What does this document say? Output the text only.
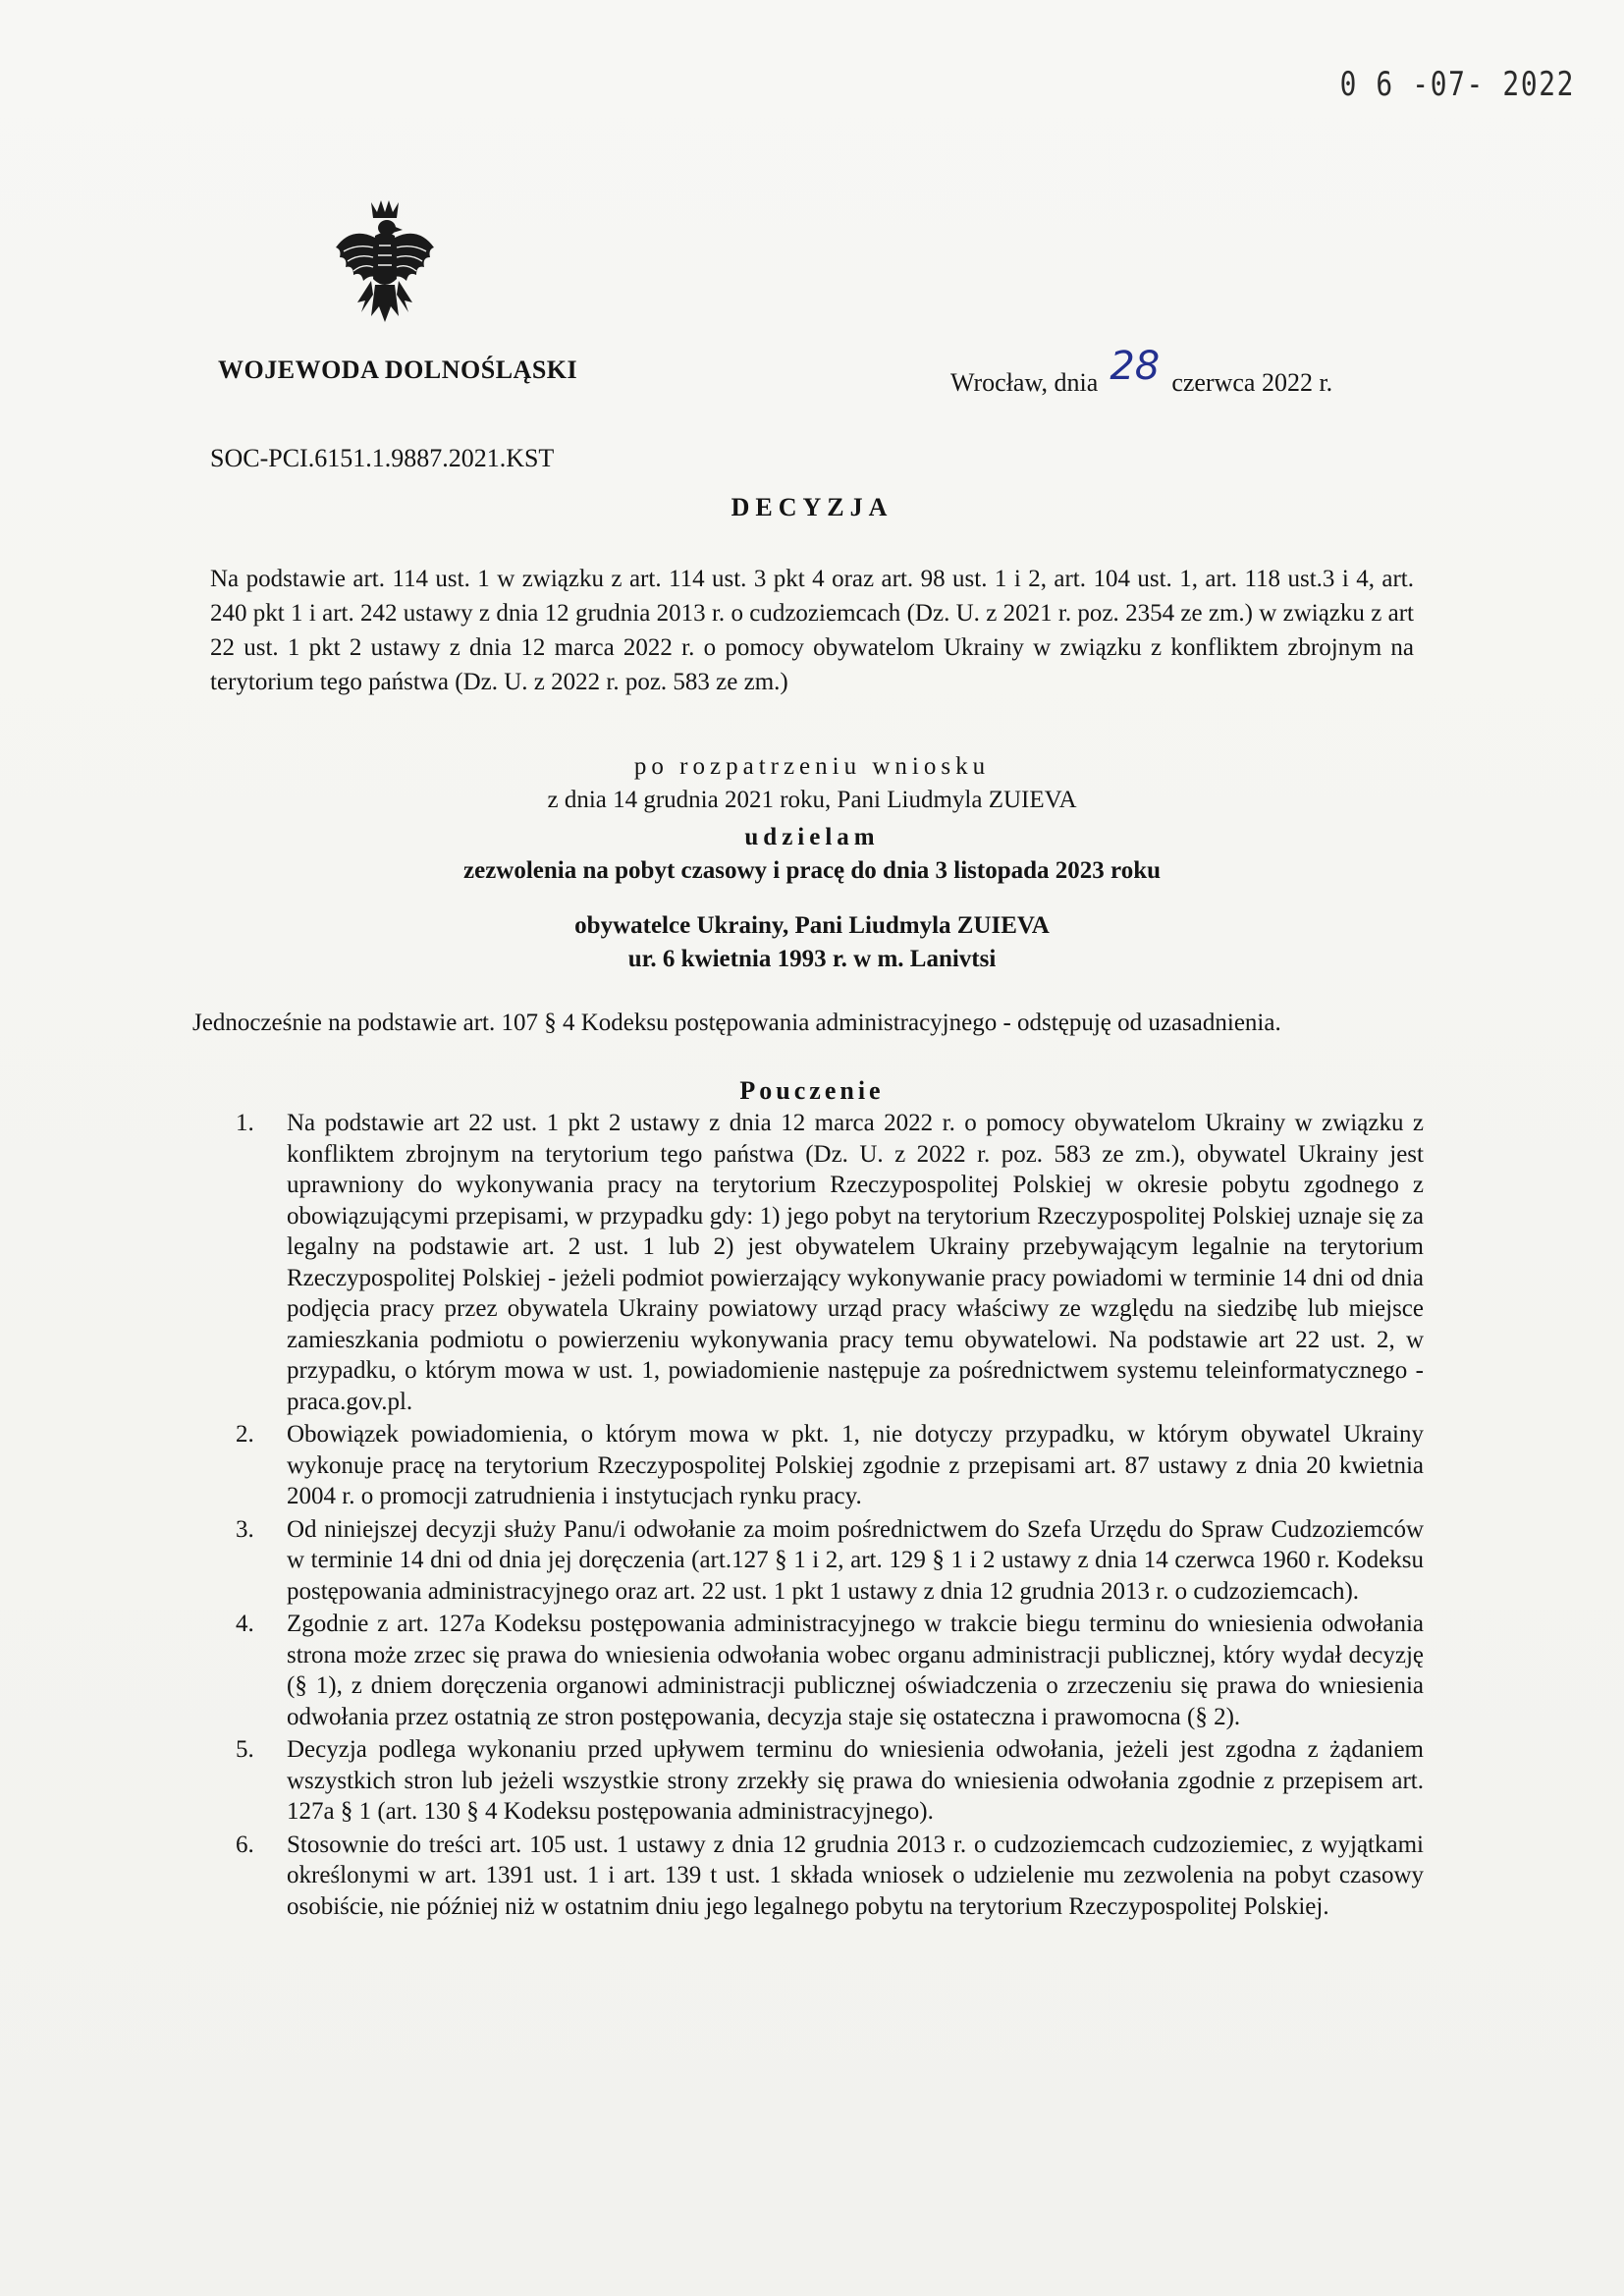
0 6 -07- 2022
WOJEWODA DOLNOŚLĄSKI	Wrocław, dnia 28 czerwca 2022 r.
SOC-PCI.6151.1.9887.2021.KST
DECYZJA
Na podstawie art. 114 ust. 1 w związku z art. 114 ust. 3 pkt 4 oraz art. 98 ust. 1 i 2, art. 104 ust. 1, art. 118 ust.3 i 4, art. 240 pkt 1 i art. 242 ustawy z dnia 12 grudnia 2013 r. o cudzoziemcach (Dz. U. z 2021 r. poz. 2354 ze zm.) w związku z art 22 ust. 1 pkt 2 ustawy z dnia 12 marca 2022 r. o pomocy obywatelom Ukrainy w związku z konfliktem zbrojnym na terytorium tego państwa (Dz. U. z 2022 r. poz. 583 ze zm.)
po rozpatrzeniu wniosku
z dnia 14 grudnia 2021 roku, Pani Liudmyla ZUIEVA
udzielam
zezwolenia na pobyt czasowy i pracę do dnia 3 listopada 2023 roku
obywatelce Ukrainy, Pani Liudmyla ZUIEVA
ur. 6 kwietnia 1993 r. w m. Lanivtsi
Jednocześnie na podstawie art. 107 § 4 Kodeksu postępowania administracyjnego - odstępuję od uzasadnienia.
Pouczenie
1. Na podstawie art 22 ust. 1 pkt 2 ustawy z dnia 12 marca 2022 r. o pomocy obywatelom Ukrainy w związku z konfliktem zbrojnym na terytorium tego państwa (Dz. U. z 2022 r. poz. 583 ze zm.), obywatel Ukrainy jest uprawniony do wykonywania pracy na terytorium Rzeczypospolitej Polskiej w okresie pobytu zgodnego z obowiązującymi przepisami, w przypadku gdy: 1) jego pobyt na terytorium Rzeczypospolitej Polskiej uznaje się za legalny na podstawie art. 2 ust. 1 lub 2) jest obywatelem Ukrainy przebywającym legalnie na terytorium Rzeczypospolitej Polskiej - jeżeli podmiot powierzający wykonywanie pracy powiadomi w terminie 14 dni od dnia podjęcia pracy przez obywatela Ukrainy powiatowy urząd pracy właściwy ze względu na siedzibę lub miejsce zamieszkania podmiotu o powierzeniu wykonywania pracy temu obywatelowi. Na podstawie art 22 ust. 2, w przypadku, o którym mowa w ust. 1, powiadomienie następuje za pośrednictwem systemu teleinformatycznego - praca.gov.pl.
2. Obowiązek powiadomienia, o którym mowa w pkt. 1, nie dotyczy przypadku, w którym obywatel Ukrainy wykonuje pracę na terytorium Rzeczypospolitej Polskiej zgodnie z przepisami art. 87 ustawy z dnia 20 kwietnia 2004 r. o promocji zatrudnienia i instytucjach rynku pracy.
3. Od niniejszej decyzji służy Panu/i odwołanie za moim pośrednictwem do Szefa Urzędu do Spraw Cudzoziemców w terminie 14 dni od dnia jej doręczenia (art.127 § 1 i 2, art. 129 § 1 i 2 ustawy z dnia 14 czerwca 1960 r. Kodeksu postępowania administracyjnego oraz art. 22 ust. 1 pkt 1 ustawy z dnia 12 grudnia 2013 r. o cudzoziemcach).
4. Zgodnie z art. 127a Kodeksu postępowania administracyjnego w trakcie biegu terminu do wniesienia odwołania strona może zrzec się prawa do wniesienia odwołania wobec organu administracji publicznej, który wydał decyzję (§ 1), z dniem doręczenia organowi administracji publicznej oświadczenia o zrzeczeniu się prawa do wniesienia odwołania przez ostatnią ze stron postępowania, decyzja staje się ostateczna i prawomocna (§ 2).
5. Decyzja podlega wykonaniu przed upływem terminu do wniesienia odwołania, jeżeli jest zgodna z żądaniem wszystkich stron lub jeżeli wszystkie strony zrzekły się prawa do wniesienia odwołania zgodnie z przepisem art. 127a § 1 (art. 130 § 4 Kodeksu postępowania administracyjnego).
6. Stosownie do treści art. 105 ust. 1 ustawy z dnia 12 grudnia 2013 r. o cudzoziemcach cudzoziemiec, z wyjątkami określonymi w art. 1391 ust. 1 i art. 139 t ust. 1 składa wniosek o udzielenie mu zezwolenia na pobyt czasowy osobiście, nie później niż w ostatnim dniu jego legalnego pobytu na terytorium Rzeczypospolitej Polskiej.
